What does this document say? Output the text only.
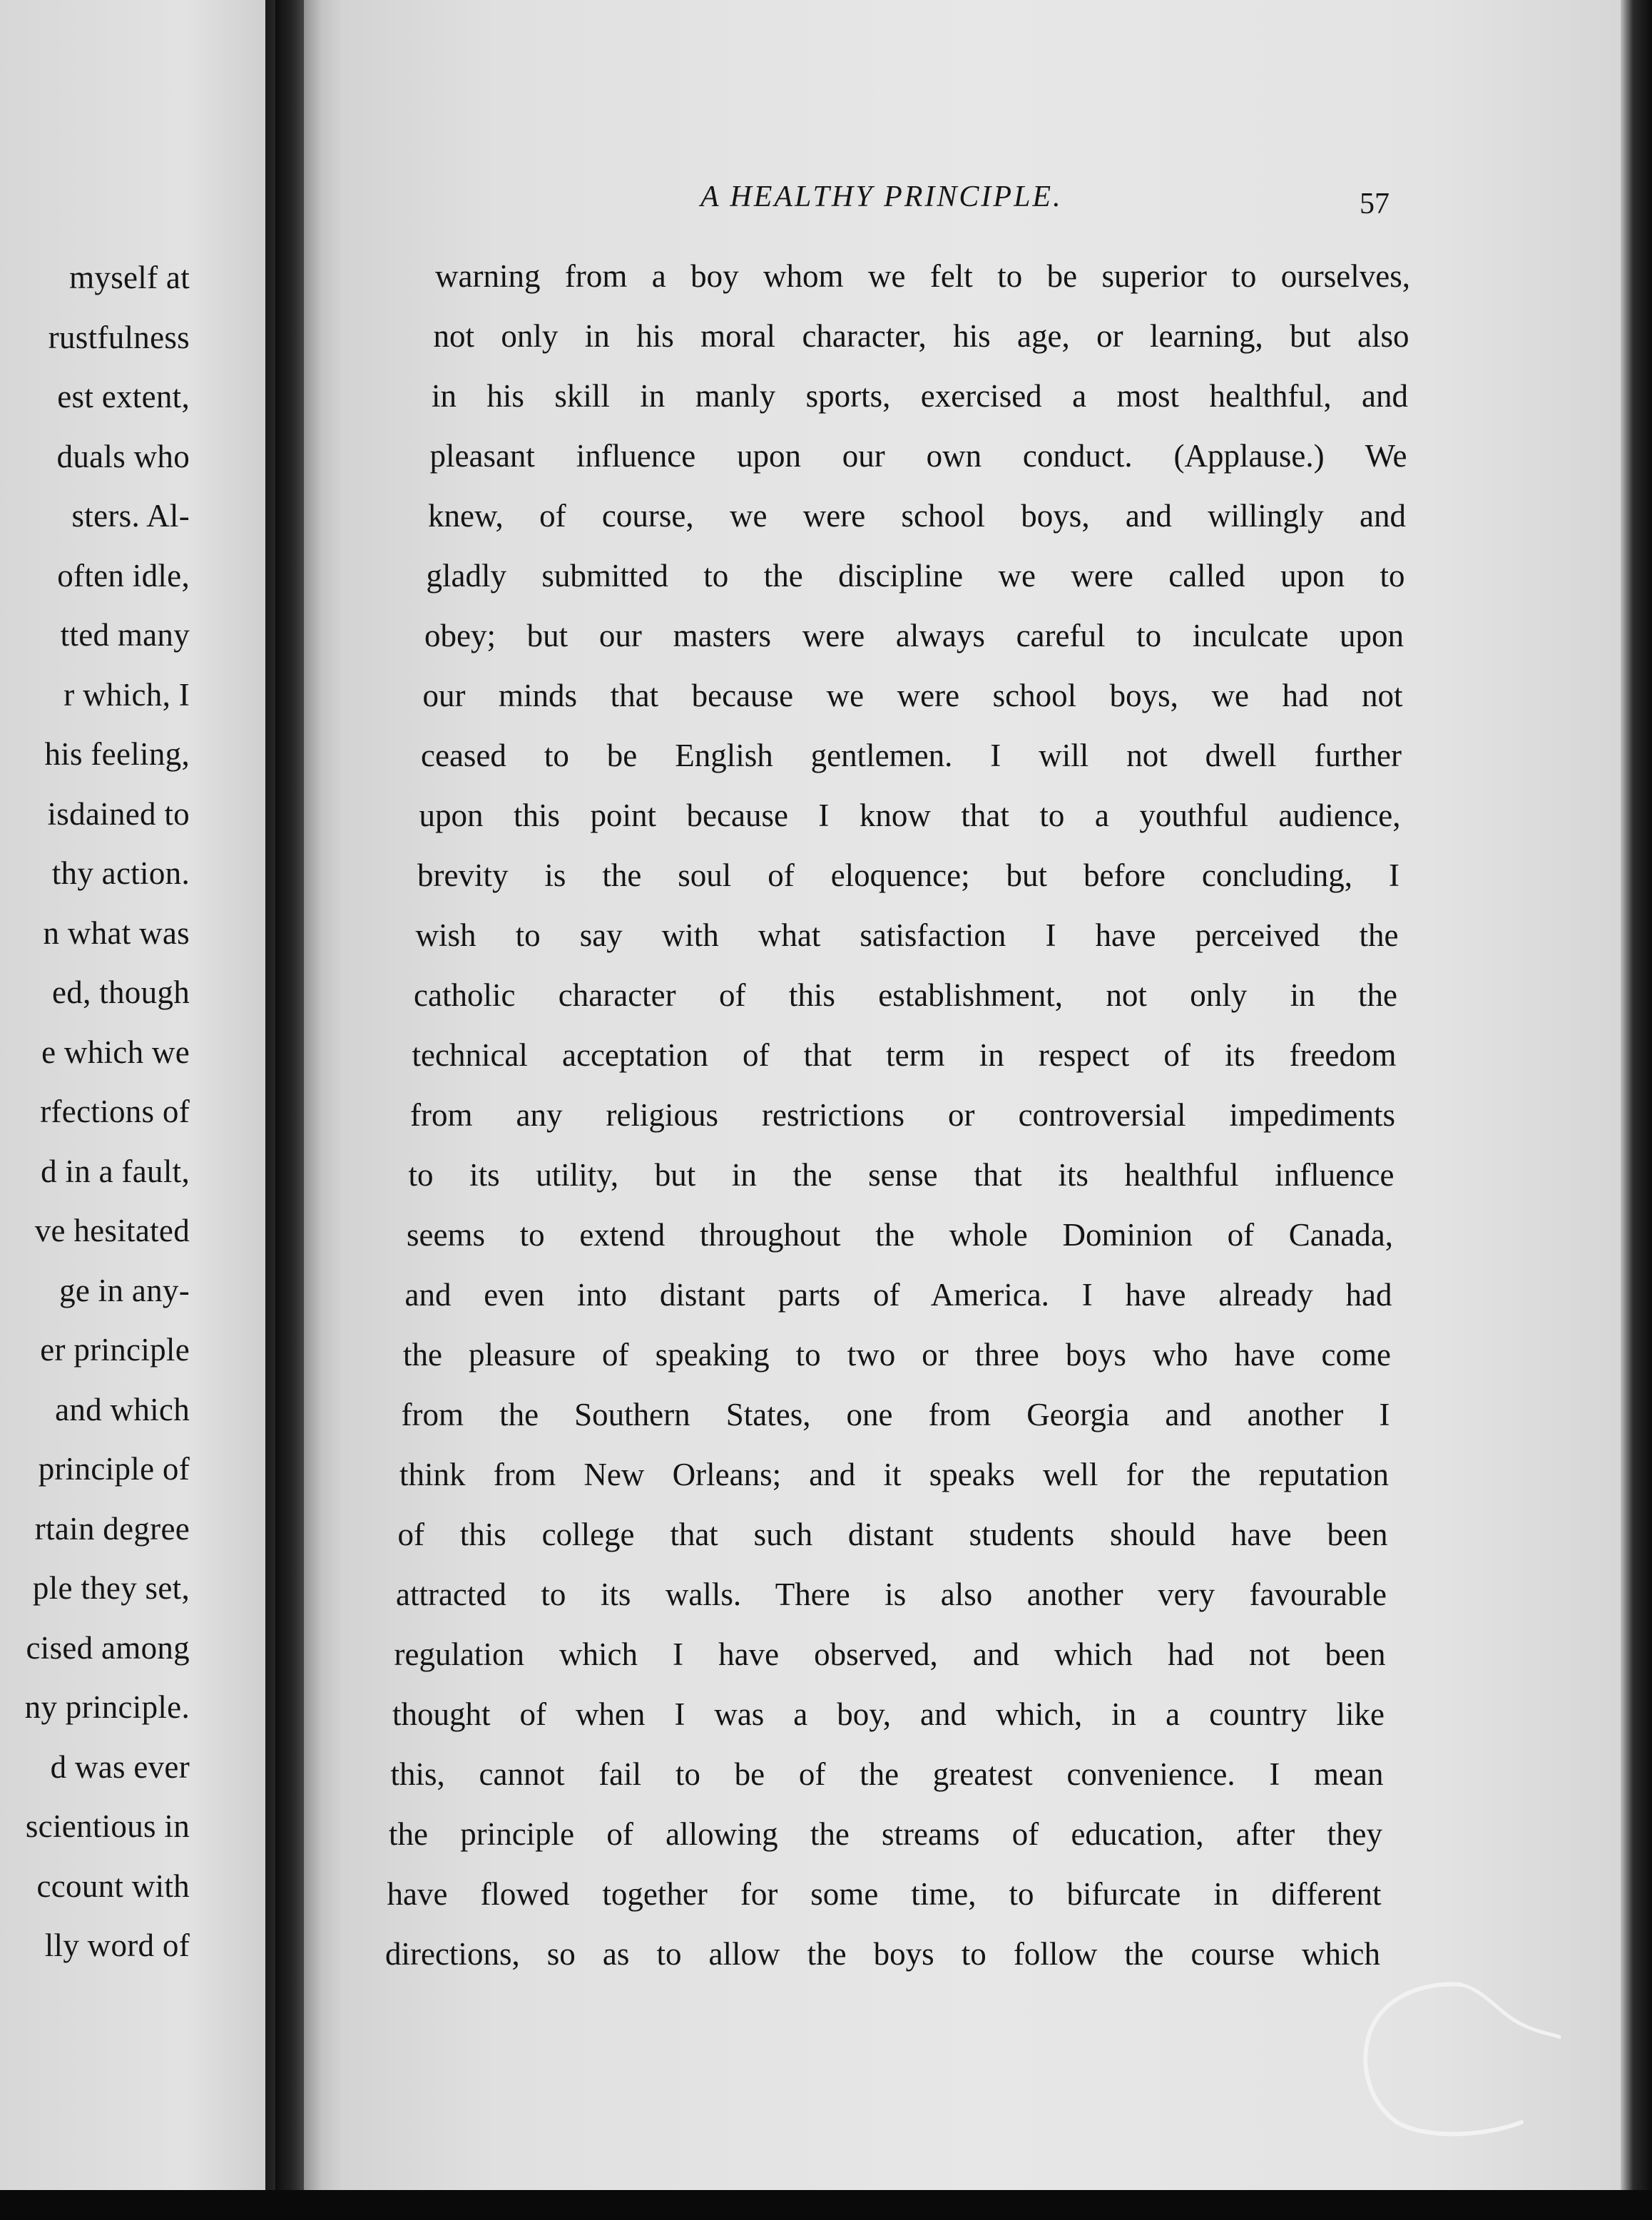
myself at
rustfulness
est extent,
duals who
sters. Al-
often idle,
tted many
r which, I
his feeling,
isdained to
thy action.
n what was
ed, though
e which we
rfections of
d in a fault,
ve hesitated
ge in any-
er principle
and which
principle of
rtain degree
ple they set,
cised among
ny principle.
d was ever
scientious in
ccount with
lly word of
A HEALTHY PRINCIPLE.	57
warning from a boy whom we felt to be superior to ourselves,
not only in his moral character, his age, or learning, but also
in his skill in manly sports, exercised a most healthful, and
pleasant influence upon our own conduct. (Applause.) We
knew, of course, we were school boys, and willingly and
gladly submitted to the discipline we were called upon to
obey; but our masters were always careful to inculcate upon
our minds that because we were school boys, we had not
ceased to be English gentlemen. I will not dwell further
upon this point because I know that to a youthful audience,
brevity is the soul of eloquence; but before concluding, I
wish to say with what satisfaction I have perceived the
catholic character of this establishment, not only in the
technical acceptation of that term in respect of its freedom
from any religious restrictions or controversial impediments
to its utility, but in the sense that its healthful influence
seems to extend throughout the whole Dominion of Canada,
and even into distant parts of America. I have already had
the pleasure of speaking to two or three boys who have come
from the Southern States, one from Georgia and another I
think from New Orleans; and it speaks well for the reputation
of this college that such distant students should have been
attracted to its walls. There is also another very favourable
regulation which I have observed, and which had not been
thought of when I was a boy, and which, in a country like
this, cannot fail to be of the greatest convenience. I mean
the principle of allowing the streams of education, after they
have flowed together for some time, to bifurcate in different
directions, so as to allow the boys to follow the course which
